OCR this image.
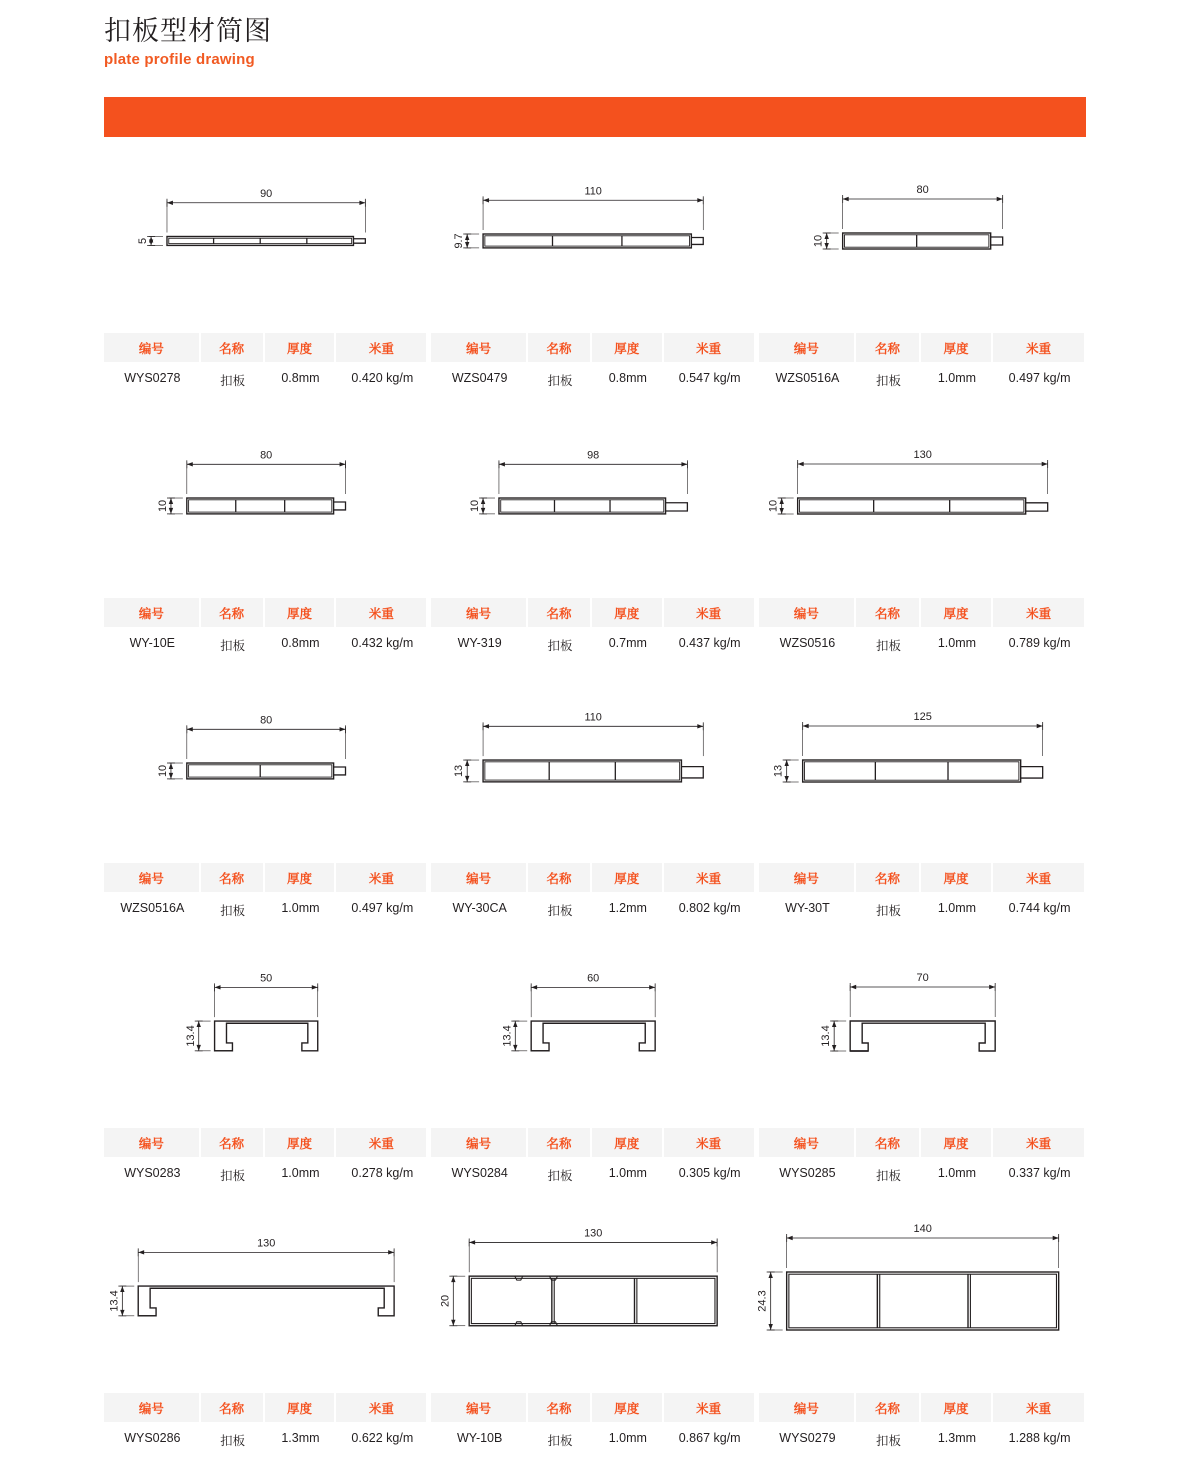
扣板型材简图
plate profile drawing
90
5
编号	名称	厚度	米重
WYS0278	扣板	0.8mm	0.420 kg/m
110
9.7
编号	名称	厚度	米重
WZS0479	扣板	0.8mm	0.547 kg/m
80
10
编号	名称	厚度	米重
WZS0516A	扣板	1.0mm	0.497 kg/m
80
10
编号	名称	厚度	米重
WY-10E	扣板	0.8mm	0.432 kg/m
98
10
编号	名称	厚度	米重
WY-319	扣板	0.7mm	0.437 kg/m
130
10
编号	名称	厚度	米重
WZS0516	扣板	1.0mm	0.789 kg/m
80
10
编号	名称	厚度	米重
WZS0516A	扣板	1.0mm	0.497 kg/m
110
13
编号	名称	厚度	米重
WY-30CA	扣板	1.2mm	0.802 kg/m
125
13
编号	名称	厚度	米重
WY-30T	扣板	1.0mm	0.744 kg/m
50
13.4
编号	名称	厚度	米重
WYS0283	扣板	1.0mm	0.278 kg/m
60
13.4
编号	名称	厚度	米重
WYS0284	扣板	1.0mm	0.305 kg/m
70
13.4
编号	名称	厚度	米重
WYS0285	扣板	1.0mm	0.337 kg/m
130
13.4
编号	名称	厚度	米重
WYS0286	扣板	1.3mm	0.622 kg/m
130
20
编号	名称	厚度	米重
WY-10B	扣板	1.0mm	0.867 kg/m
140
24.3
编号	名称	厚度	米重
WYS0279	扣板	1.3mm	1.288 kg/m
